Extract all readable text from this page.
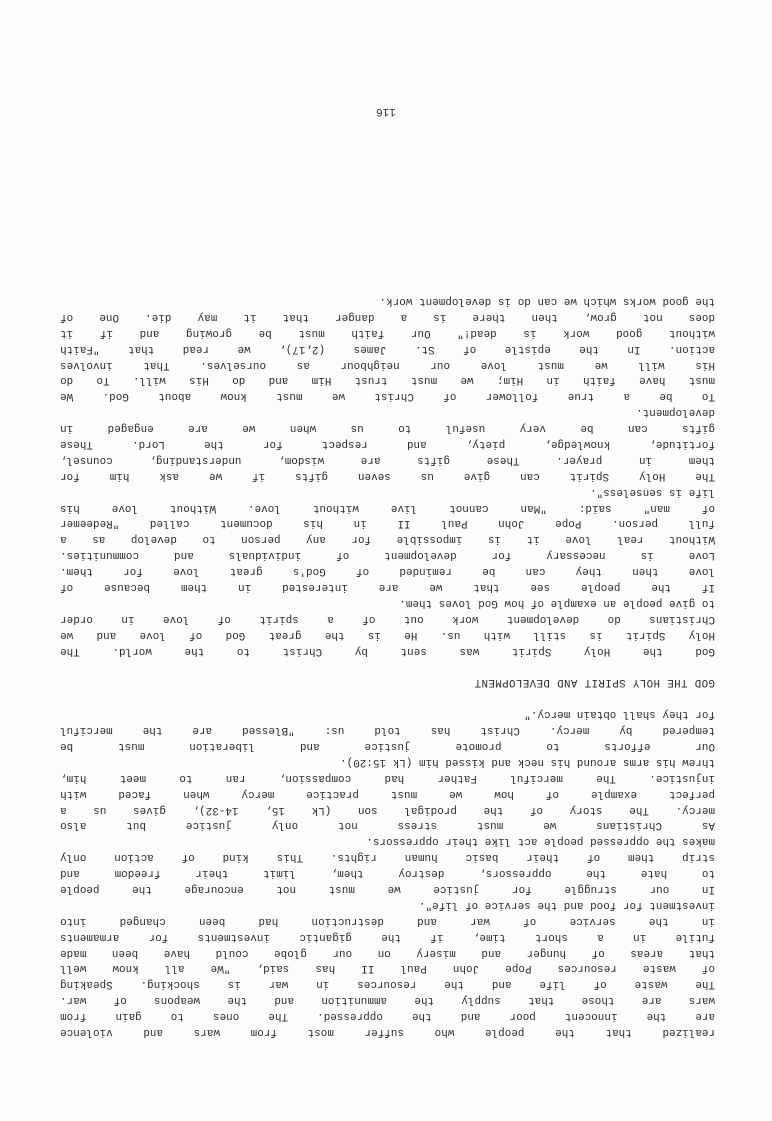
realized that the people who suffer most from wars and violence
are the innocent poor and the oppressed. The ones to gain from
wars are those that supply the ammunition and the weapons of war.
The waste of life and the resources in war is shocking. Speaking
of waste resources Pope John Paul II has said, "We all know well
that areas of hunger and misery on our globe could have been made
futile in a short time, if the gigantic investments for armaments
in the service of war and destruction had been changed into
investment for food and the service of life".
In our struggle for justice we must not encourage the people
to hate the oppressors, destroy them, limit their freedom and
strip them of their basic human rights. This kind of action only
makes the oppressed people act like their oppressors.
As Christians we must stress not only justice but also
mercy. The story of the prodigal son (Lk 15, 14-32), gives us a
perfect example of how we must practice mercy when faced with
injustice. The merciful Father had compassion, ran to meet him,
threw his arms around his neck and kissed him (Lk 15:20).
Our efforts to promote justice and liberation must be
tempered by mercy. Christ has told us: "Blessed are the merciful
for they shall obtain mercy."
GOD THE HOLY SPIRIT AND DEVELOPMENT
God the Holy Spirit was sent by Christ to the world. The
Holy Spirit is still with us. He is the great God of love and we
Christians do development work out of a spirit of love in order
to give people an example of how God loves them.
If the people see that we are interested in them because of
love then they can be reminded of God's great love for them.
Love is necessary for development of individuals and communities.
Without real love it is impossible for any person to develop as a
full person. Pope John Paul II in his document called "Redeemer
of man" said: "Man cannot live without love. Without love his
life is senseless".
The Holy Spirit can give us seven gifts if we ask him for
them in prayer. These gifts are wisdom, understanding, counsel,
fortitude, knowledge, piety, and respect for the Lord. These
gifts can be very useful to us when we are engaged in
development.
To be a true follower of Christ we must know about God. We
must have faith in Him; we must trust Him and do His will. To do
His will we must love our neighbour as ourselves. That involves
action. In the epistle of St. James (2,17), we read that "Faith
without good work is dead!" Our faith must be growing and if it
does not grow, then there is a danger that it may die. One of
the good works which we can do is development work.
116
